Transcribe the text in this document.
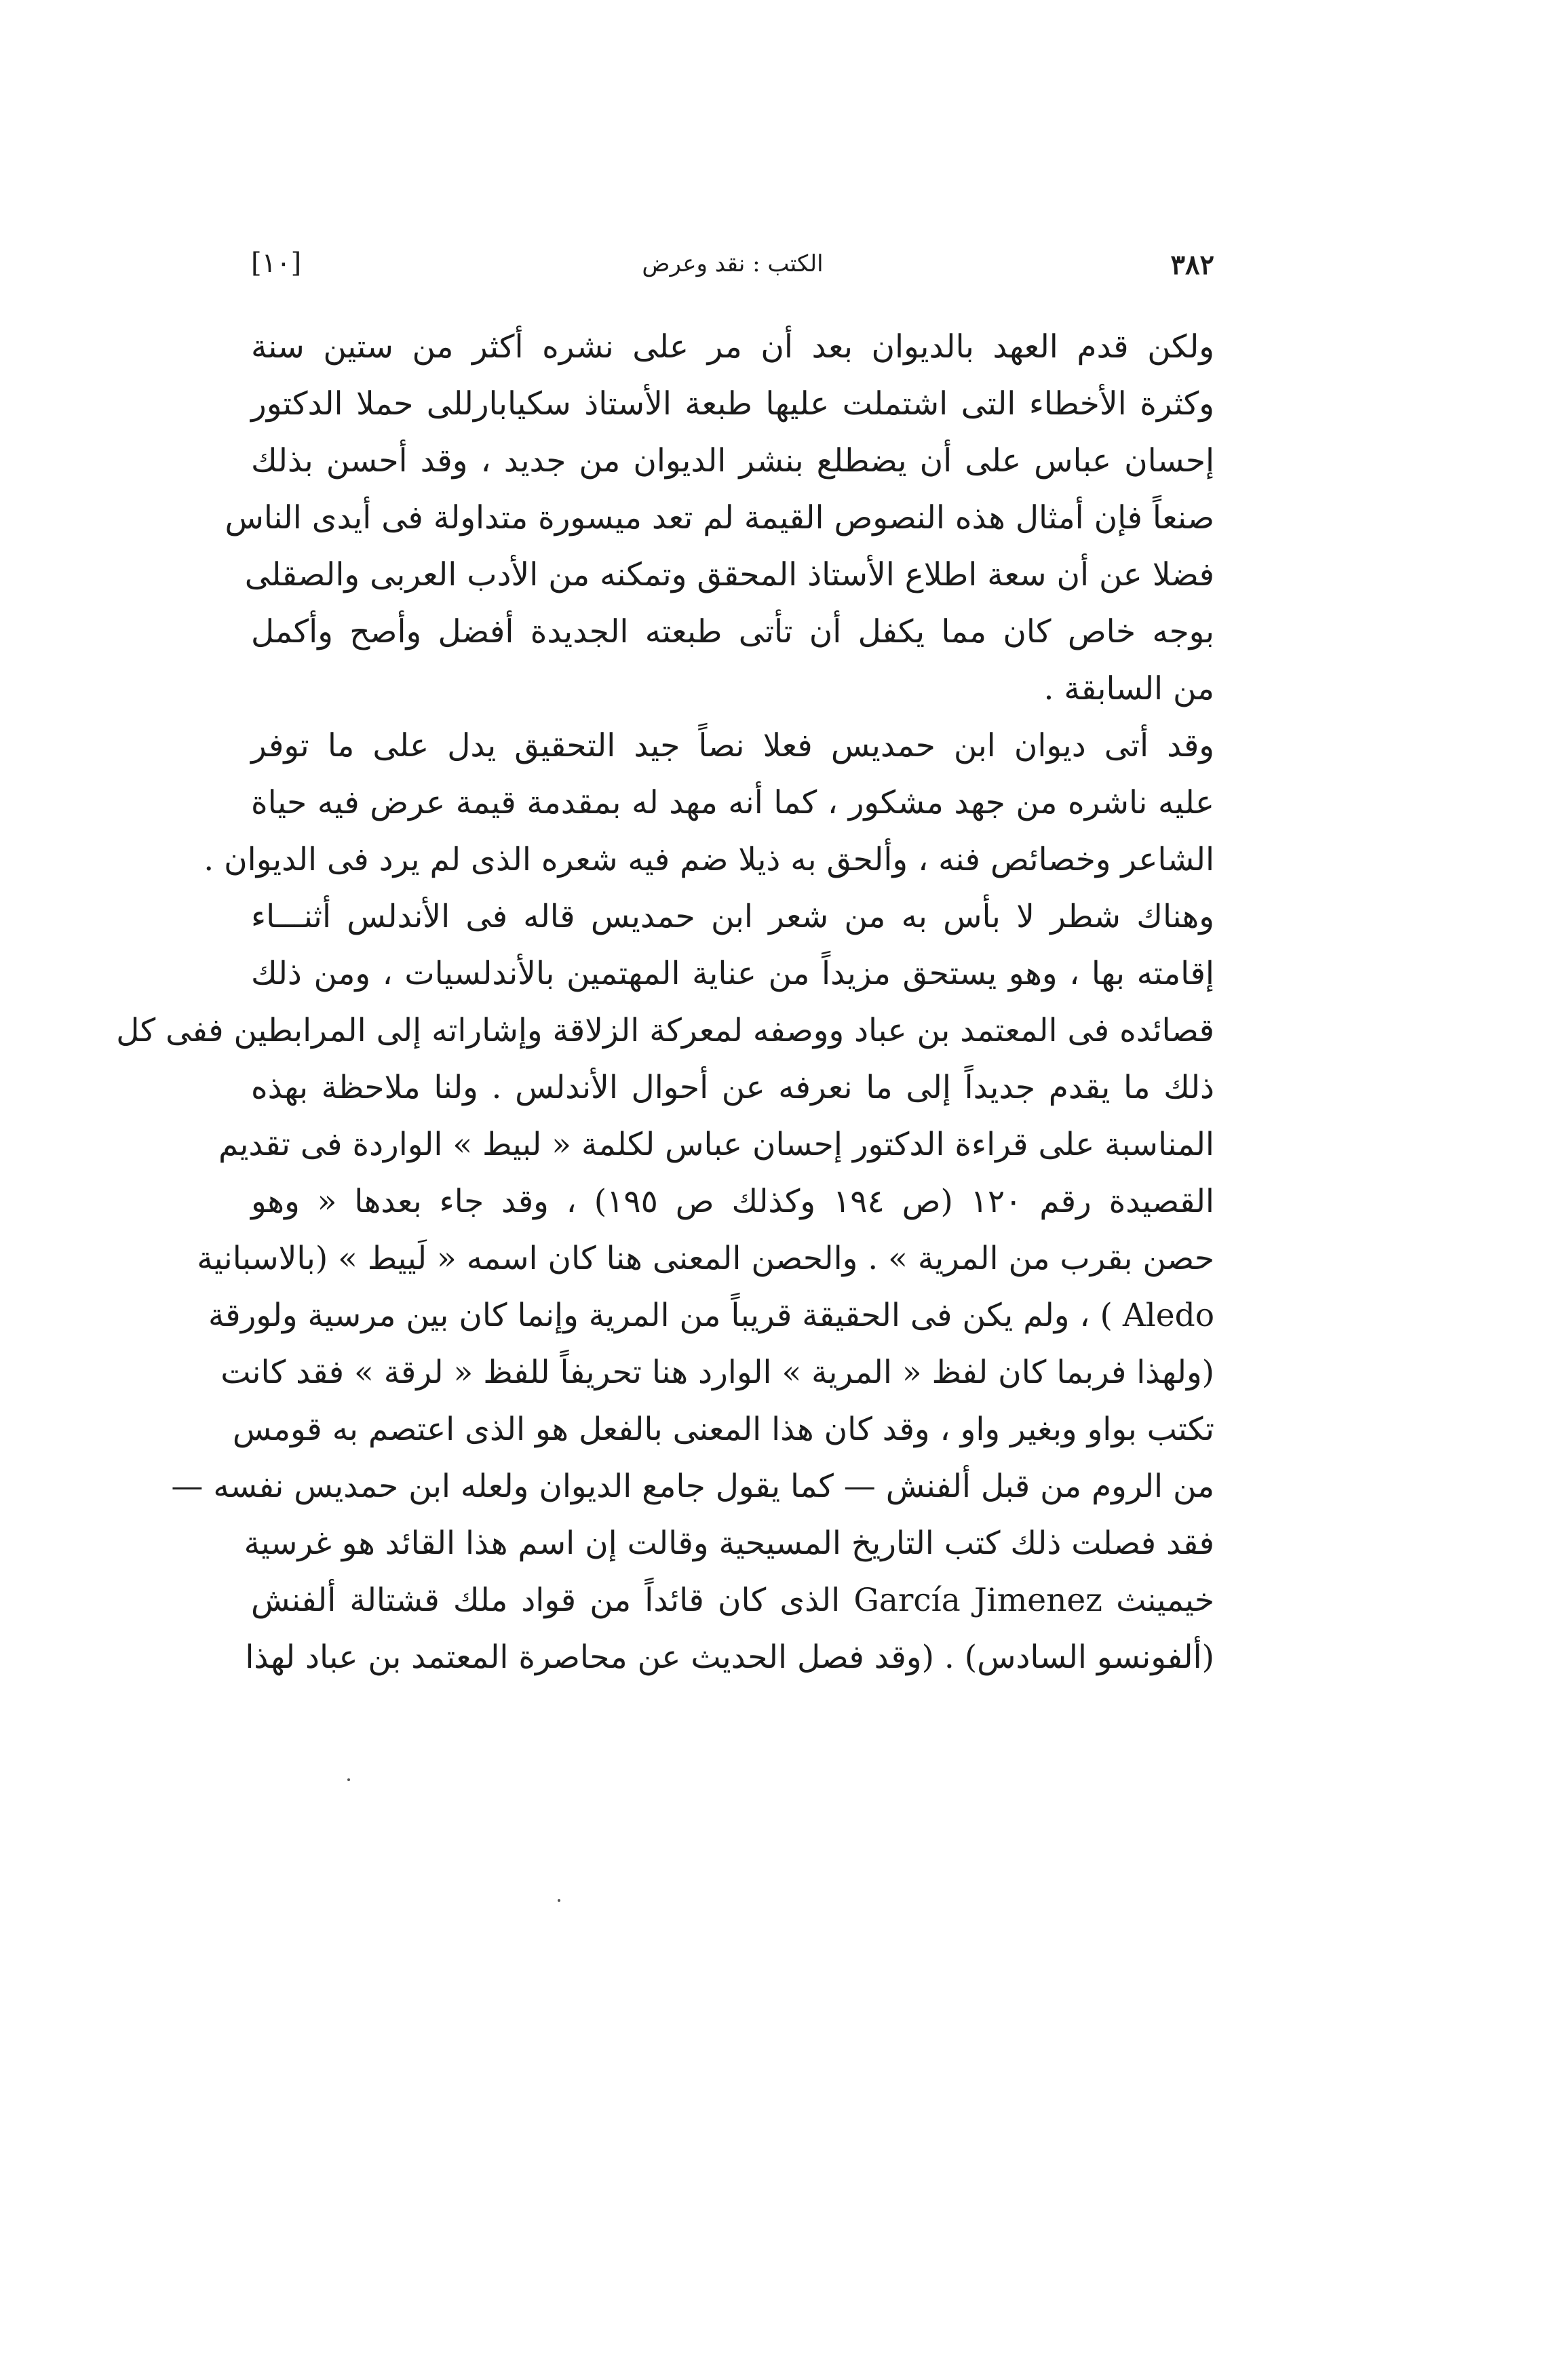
٣٨٢
الكتب : نقد وعرض
[١٠]
ولكن قدم العهد بالديوان بعد أن مر على نشره أكثر من ستين سنة
وكثرة الأخطاء التى اشتملت عليها طبعة الأستاذ سكيابارللى حملا الدكتور
إحسان عباس على أن يضطلع بنشر الديوان من جديد ، وقد أحسن بذلك
صنعاً فإن أمثال هذه النصوص القيمة لم تعد ميسورة متداولة فى أيدى الناس
فضلا عن أن سعة اطلاع الأستاذ المحقق وتمكنه من الأدب العربى والصقلى
بوجه خاص كان مما يكفل أن تأتى طبعته الجديدة أفضل وأصح وأكمل
من السابقة .
وقد أتى ديوان ابن حمديس فعلا نصاً جيد التحقيق يدل على ما توفر
عليه ناشره من جهد مشكور ، كما أنه مهد له بمقدمة قيمة عرض فيه حياة
الشاعر وخصائص فنه ، وألحق به ذيلا ضم فيه شعره الذى لم يرد فى الديوان .
وهناك شطر لا بأس به من شعر ابن حمديس قاله فى الأندلس أثنـــاء
إقامته بها ، وهو يستحق مزيداً من عناية المهتمين بالأندلسيات ، ومن ذلك
قصائده فى المعتمد بن عباد ووصفه لمعركة الزلاقة وإشاراته إلى المرابطين ففى كل
ذلك ما يقدم جديداً إلى ما نعرفه عن أحوال الأندلس . ولنا ملاحظة بهذه
المناسبة على قراءة الدكتور إحسان عباس لكلمة « لبيط » الواردة فى تقديم
القصيدة رقم ١٢٠ (ص ١٩٤ وكذلك ص ١٩٥) ، وقد جاء بعدها « وهو
حصن بقرب من المرية » . والحصن المعنى هنا كان اسمه « لَييط » (بالاسبانية
Aledo ) ، ولم يكن فى الحقيقة قريباً من المرية وإنما كان بين مرسية ولورقة
(ولهذا فربما كان لفظ « المرية » الوارد هنا تحريفاً للفظ « لرقة » فقد كانت
تكتب بواو وبغير واو ، وقد كان هذا المعنى بالفعل هو الذى اعتصم به قومس
من الروم من قبل ألفنش — كما يقول جامع الديوان ولعله ابن حمديس نفسه —
فقد فصلت ذلك كتب التاريخ المسيحية وقالت إن اسم هذا القائد هو غرسية
خيمينث García Jimenez الذى كان قائداً من قواد ملك قشتالة ألفنش
(ألفونسو السادس) . (وقد فصل الحديث عن محاصرة المعتمد بن عباد لهذا
